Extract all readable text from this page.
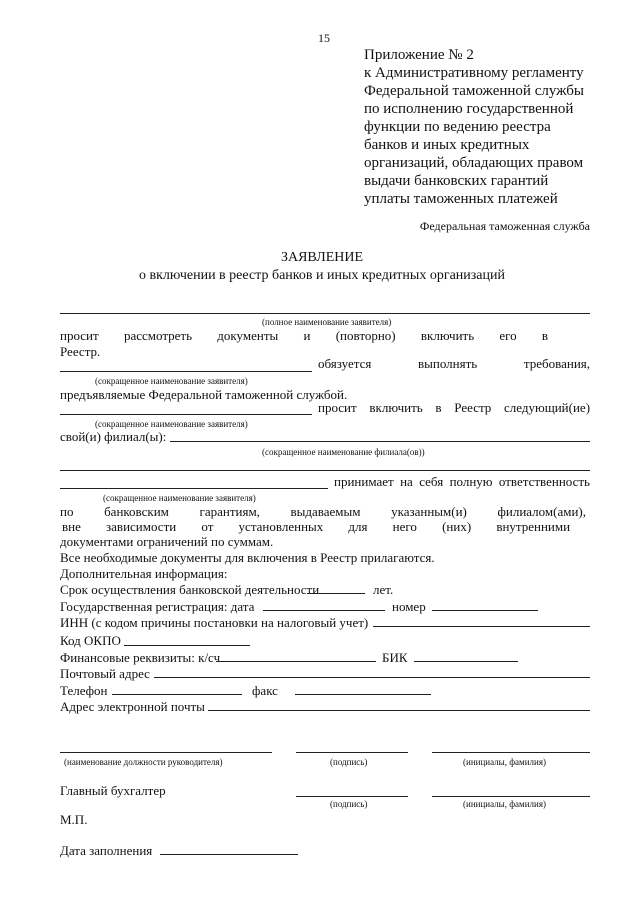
15
Приложение № 2
к Административному регламенту
Федеральной таможенной службы
по исполнению государственной
функции по ведению реестра
банков и иных кредитных
организаций, обладающих правом
выдачи банковских гарантий
уплаты таможенных платежей
Федеральная таможенная служба
ЗАЯВЛЕНИЕ
о включении в реестр банков и иных кредитных организаций
(полное наименование заявителя)
просит рассмотреть документы и (повторно) включить его в
Реестр.
обязуется	выполнять	требования,
(сокращенное наименование заявителя)
предъявляемые Федеральной таможенной службой.
просит включить в Реестр следующий(ие)
(сокращенное наименование заявителя)
свой(и) филиал(ы):
(сокращенное наименование филиала(ов))
принимает на себя полную ответственность
(сокращенное наименование заявителя)
по банковским гарантиям, выдаваемым указанным(и) филиалом(ами),
вне зависимости от установленных для него (них) внутренними
документами ограничений по суммам.
Все необходимые документы для включения в Реестр прилагаются.
Дополнительная информация:
Срок осуществления банковской деятельности	лет.
Государственная регистрация: дата	номер
ИНН (с кодом причины постановки на налоговый учет)
Код ОКПО
Финансовые реквизиты: к/сч	БИК
Почтовый адрес
Телефон	факс
Адрес электронной почты
(наименование должности руководителя)	(подпись)	(инициалы, фамилия)
Главный бухгалтер
(подпись)	(инициалы, фамилия)
М.П.
Дата заполнения
